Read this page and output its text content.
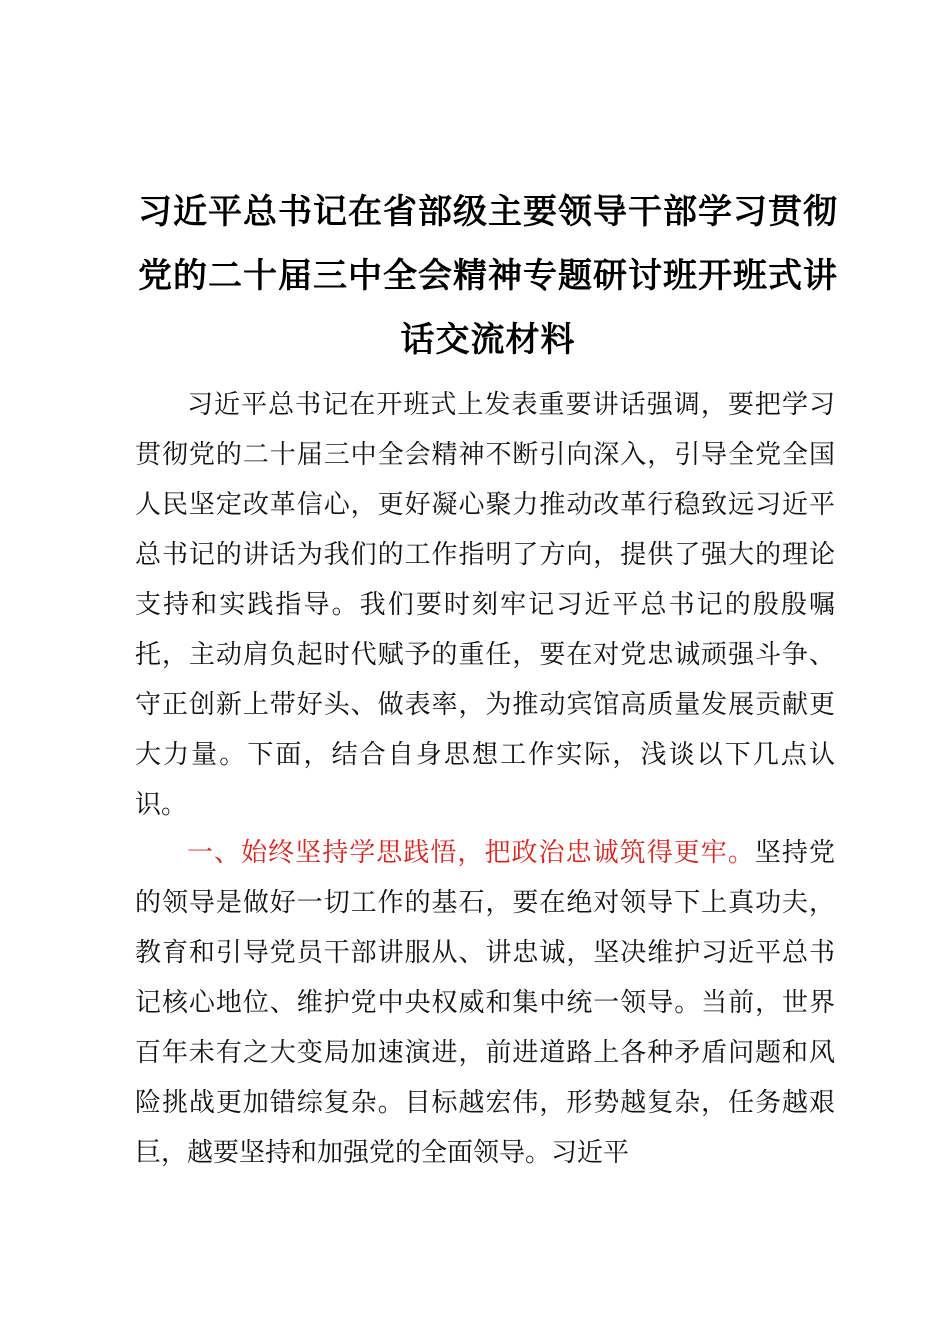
习近平总书记在省部级主要领导干部学习贯彻党的二十届三中全会精神专题研讨班开班式讲话交流材料

习近平总书记在开班式上发表重要讲话强调，要把学习贯彻党的二十届三中全会精神不断引向深入，引导全党全国人民坚定改革信心，更好凝心聚力推动改革行稳致远习近平总书记的讲话为我们的工作指明了方向，提供了强大的理论支持和实践指导。我们要时刻牢记习近平总书记的殷殷嘱托，主动肩负起时代赋予的重任，要在对党忠诚顽强斗争、守正创新上带好头、做表率，为推动宾馆高质量发展贡献更大力量。下面，结合自身思想工作实际，浅谈以下几点认识。

一、始终坚持学思践悟，把政治忠诚筑得更牢。坚持党的领导是做好一切工作的基石，要在绝对领导下上真功夫，教育和引导党员干部讲服从、讲忠诚，坚决维护习近平总书记核心地位、维护党中央权威和集中统一领导。当前，世界百年未有之大变局加速演进，前进道路上各种矛盾问题和风险挑战更加错综复杂。目标越宏伟，形势越复杂，任务越艰巨，越要坚持和加强党的全面领导。习近平
